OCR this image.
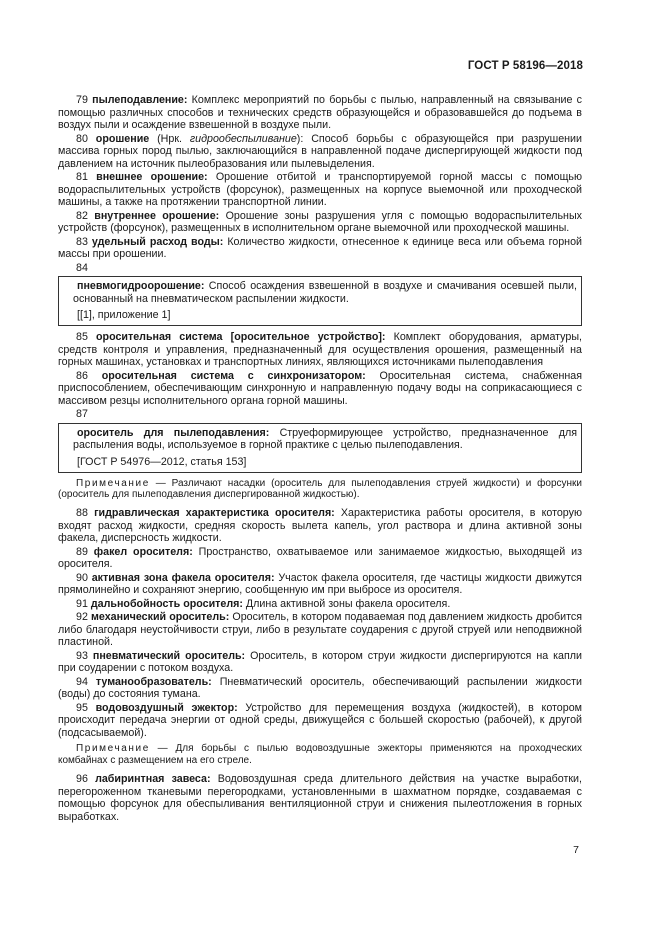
ГОСТ Р 58196—2018

79 пылеподавление: Комплекс мероприятий по борьбы с пылью, направленный на связывание с помощью различных способов и технических средств образующейся и образовавшейся до подъема в воздух пыли и осаждение взвешенной в воздухе пыли.

80 орошение (Нрк. гидрообеспыливание): Способ борьбы с образующейся при разрушении массива горных пород пылью, заключающийся в направленной подаче диспергирующей жидкости под давлением на источник пылеобразования или пылевыделения.

81 внешнее орошение: Орошение отбитой и транспортируемой горной массы с помощью водораспылительных устройств (форсунок), размещенных на корпусе выемочной или проходческой машины, а также на протяжении транспортной линии.

82 внутреннее орошение: Орошение зоны разрушения угля с помощью водораспылительных устройств (форсунок), размещенных в исполнительном органе выемочной или проходческой машины.

83 удельный расход воды: Количество жидкости, отнесенное к единице веса или объема горной массы при орошении.

84

пневмогидроорошение: Способ осаждения взвешенной в воздухе и смачивания осевшей пыли, основанный на пневматическом распылении жидкости.

[[1], приложение 1]

85 оросительная система [оросительное устройство]: Комплект оборудования, арматуры, средств контроля и управления, предназначенный для осуществления орошения, размещенный на горных машинах, установках и транспортных линиях, являющихся источниками пылеподавления

86 оросительная система с синхронизатором: Оросительная система, снабженная приспособлением, обеспечивающим синхронную и направленную подачу воды на соприкасающиеся с массивом резцы исполнительного органа горной машины.

87

ороситель для пылеподавления: Струеформирующее устройство, предназначенное для распыления воды, используемое в горной практике с целью пылеподавления.

[ГОСТ Р 54976—2012, статья 153]

Примечание — Различают насадки (ороситель для пылеподавления струей жидкости) и форсунки (ороситель для пылеподавления диспергированной жидкостью).

88 гидравлическая характеристика оросителя: Характеристика работы оросителя, в которую входят расход жидкости, средняя скорость вылета капель, угол раствора и длина активной зоны факела, дисперсность жидкости.

89 факел оросителя: Пространство, охватываемое или занимаемое жидкостью, выходящей из оросителя.

90 активная зона факела оросителя: Участок факела оросителя, где частицы жидкости движутся прямолинейно и сохраняют энергию, сообщенную им при выбросе из оросителя.

91 дальнобойность оросителя: Длина активной зоны факела оросителя.

92 механический ороситель: Ороситель, в котором подаваемая под давлением жидкость дробится либо благодаря неустойчивости струи, либо в результате соударения с другой струей или неподвижной пластиной.

93 пневматический ороситель: Ороситель, в котором струи жидкости диспергируются на капли при соударении с потоком воздуха.

94 туманообразователь: Пневматический ороситель, обеспечивающий распылении жидкости (воды) до состояния тумана.

95 водовоздушный эжектор: Устройство для перемещения воздуха (жидкостей), в котором происходит передача энергии от одной среды, движущейся с большей скоростью (рабочей), к другой (подсасываемой).

Примечание — Для борьбы с пылью водовоздушные эжекторы применяются на проходческих комбайнах с размещением на его стреле.

96 лабиринтная завеса: Водовоздушная среда длительного действия на участке выработки, перегороженном тканевыми перегородками, установленными в шахматном порядке, создаваемая с помощью форсунок для обеспыливания вентиляционной струи и снижения пылеотложения в горных выработках.

7
